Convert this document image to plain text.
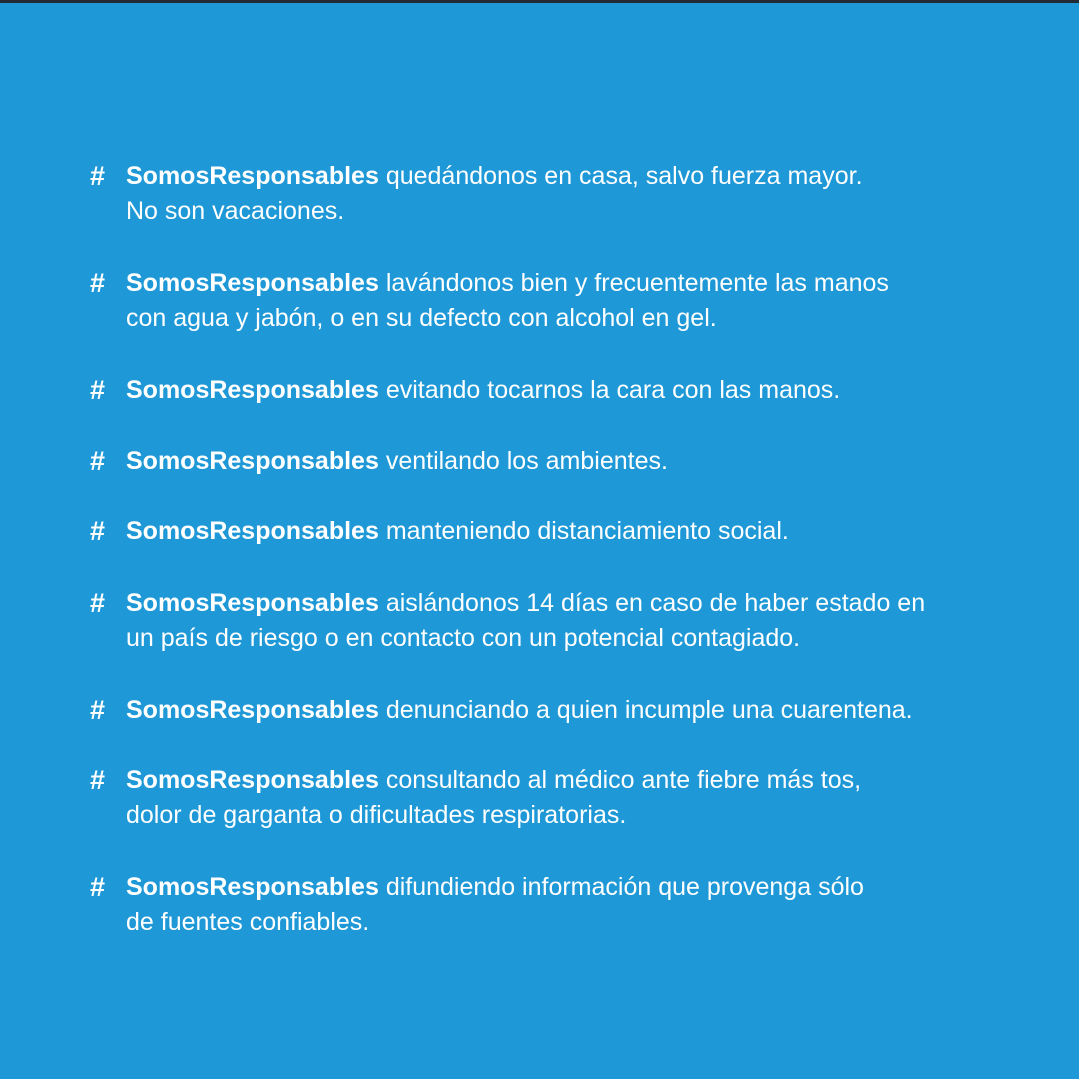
# SomosResponsables quedándonos en casa, salvo fuerza mayor.
No son vacaciones.
# SomosResponsables lavándonos bien y frecuentemente las manos
con agua y jabón, o en su defecto con alcohol en gel.
# SomosResponsables evitando tocarnos la cara con las manos.
# SomosResponsables ventilando los ambientes.
# SomosResponsables manteniendo distanciamiento social.
# SomosResponsables aislándonos 14 días en caso de haber estado en
un país de riesgo o en contacto con un potencial contagiado.
# SomosResponsables denunciando a quien incumple una cuarentena.
# SomosResponsables consultando al médico ante fiebre más tos,
dolor de garganta o dificultades respiratorias.
# SomosResponsables difundiendo información que provenga sólo
de fuentes confiables.
